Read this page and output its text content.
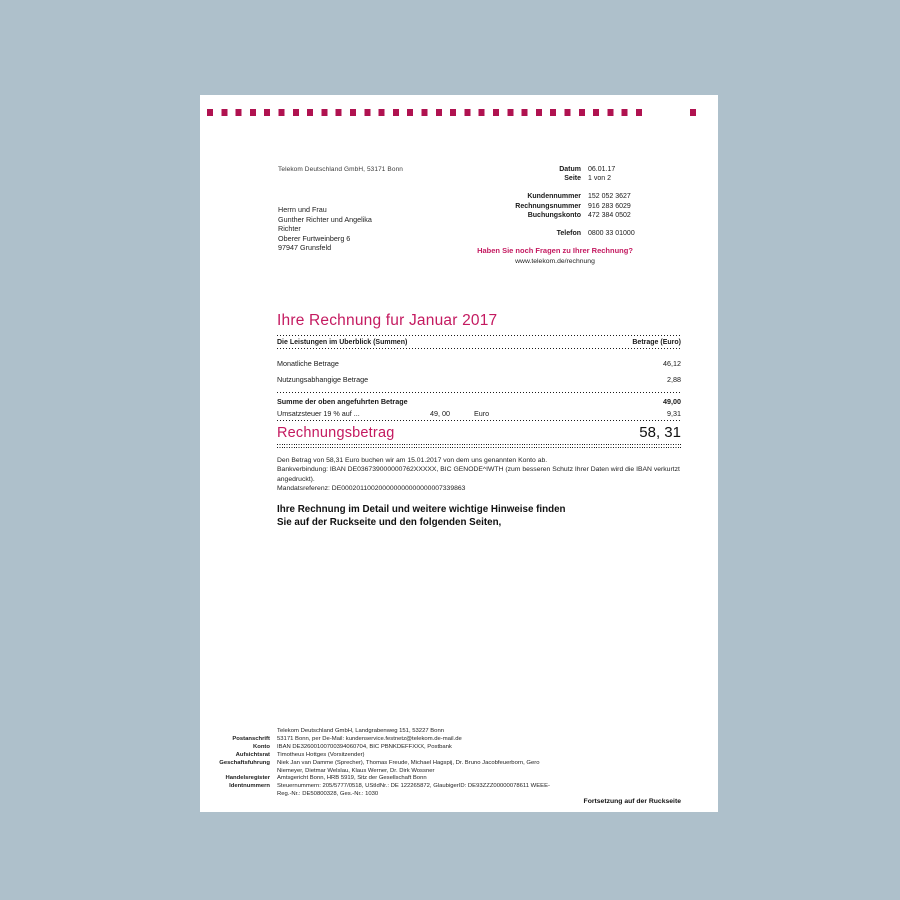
Telekom Deutschland GmbH, 53171 Bonn
Herrn und Frau
Gunther Richter und Angelika
Richter
Oberer Furtweinberg 6
97947 Grunsfeld
Datum 06.01.17
Seite 1 von 2
Kundennummer 152 052 3627
Rechnungsnummer 916 283 6029
Buchungskonto 472 384 0502
Telefon 0800 33 01000
Haben Sie noch Fragen zu Ihrer Rechnung?
www.telekom.de/rechnung
Ihre Rechnung fur Januar 2017
Die Leistungen im Uberblick (Summen)	Betrage (Euro)
Monatliche Betrage	46,12
Nutzungsabhangige Betrage	2,88
Summe der oben angefuhrten Betrage	49,00
Umsatzsteuer 19 % auf ...	49, 00	Euro	9,31
Rechnungsbetrag	58, 31
Den Betrag von 58,31 Euro buchen wir am 15.01.2017 von dem uns genannten Konto ab.
Bankverbindung: IBAN DE036739000000762XXXXX, BIC GENODE^IWTH (zum besseren Schutz Ihrer Daten wird die IBAN verkurtzt angedruckt).
Mandatsreferenz: DE000201100200000000000000007339863
Ihre Rechnung im Detail und weitere wichtige Hinweise finden Sie auf der Ruckseite und den folgenden Seiten,
Telekom Deutschland GmbH, Landgrabenweg 151, 53227 Bonn
Postanschrift 53171 Bonn, per De-Mail: kundenservice.festnetz@telekom.de-mail.de
Konto IBAN DE32600100700394060704, BIC PBNKDEFFXXX, Postbank
Aufsichtsrat Timotheus Hottges (Vorsitzender)
Geschaftsfuhrung Niek Jan van Damme (Sprecher), Thomas Freude, Michael Hagspij, Dr. Bruno Jacobfeuerborn, Gero Niemeyer, Dietmar Welslau, Klaus Werner, Dr. Dirk Wossner
Handelsregister Amtsgericht Bonn, HRB 5919, Sitz der Gesellschaft Bonn
Identnummern Steuernummern: 205/5777/0518, UStIdNr.: DE 122265872, GlaubigerID: DE93ZZZ00000078611 WEEE-Reg.-Nr.: DE50800328, Ges.-Nr.: 1030
Fortsetzung auf der Ruckseite
